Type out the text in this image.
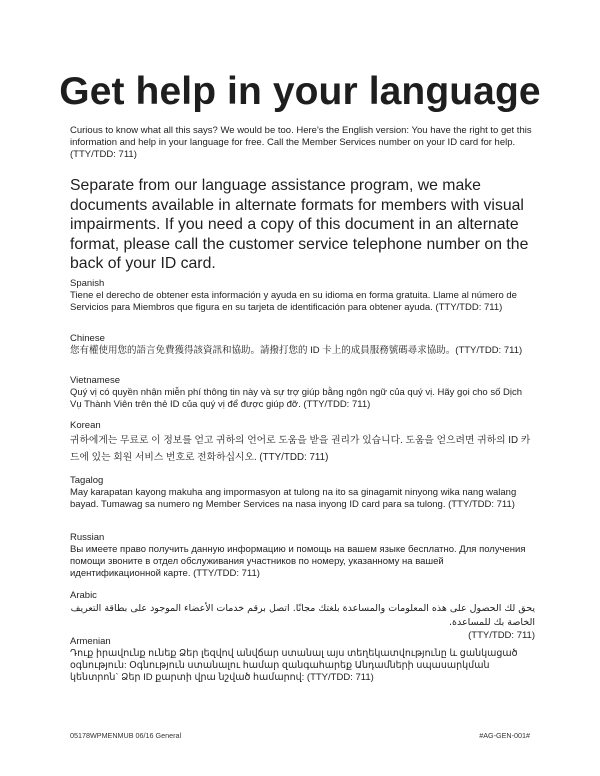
Get help in your language
Curious to know what all this says? We would be too. Here's the English version: You have the right to get this information and help in your language for free. Call the Member Services number on your ID card for help. (TTY/TDD: 711)
Separate from our language assistance program, we make documents available in alternate formats for members with visual impairments. If you need a copy of this document in an alternate format, please call the customer service telephone number on the back of your ID card.
Spanish
Tiene el derecho de obtener esta información y ayuda en su idioma en forma gratuita. Llame al número de Servicios para Miembros que figura en su tarjeta de identificación para obtener ayuda. (TTY/TDD: 711)
Chinese
您有權使用您的語言免費獲得該資訊和協助。請撥打您的 ID 卡上的成員服務號碼尋求協助。(TTY/TDD: 711)
Vietnamese
Quý vị có quyền nhận miễn phí thông tin này và sự trợ giúp bằng ngôn ngữ của quý vị. Hãy gọi cho số Dịch Vụ Thành Viên trên thẻ ID của quý vị để được giúp đỡ. (TTY/TDD: 711)
Korean
귀하에게는 무료로 이 정보를 얻고 귀하의 언어로 도움을 받을 권리가 있습니다. 도움을 얻으려면 귀하의 ID 카드에 있는 회원 서비스 번호로 전화하십시오. (TTY/TDD: 711)
Tagalog
May karapatan kayong makuha ang impormasyon at tulong na ito sa ginagamit ninyong wika nang walang bayad. Tumawag sa numero ng Member Services na nasa inyong ID card para sa tulong. (TTY/TDD: 711)
Russian
Вы имеете право получить данную информацию и помощь на вашем языке бесплатно. Для получения помощи звоните в отдел обслуживания участников по номеру, указанному на вашей идентификационной карте. (TTY/TDD: 711)
Arabic
يحق لك الحصول على هذه المعلومات والمساعدة بلغتك مجانًا. اتصل برقم خدمات الأعضاء الموجود على بطاقة التعريف الخاصة بك للمساعدة.
(TTY/TDD: 711)
Armenian
Դուք իրավունք ունեք Ձեր լեզվով անվճար ստանալ այս տեղեկատվությունը և ցանկացած օգնություն: Օգնություն ստանալու համար զանգահարեք Անդամների սպասարկման կենտրոն` Ձեր ID քարտի վրա նշված համարով: (TTY/TDD: 711)
05178WPMENMUB 06/16 General	#AG-GEN-001#
